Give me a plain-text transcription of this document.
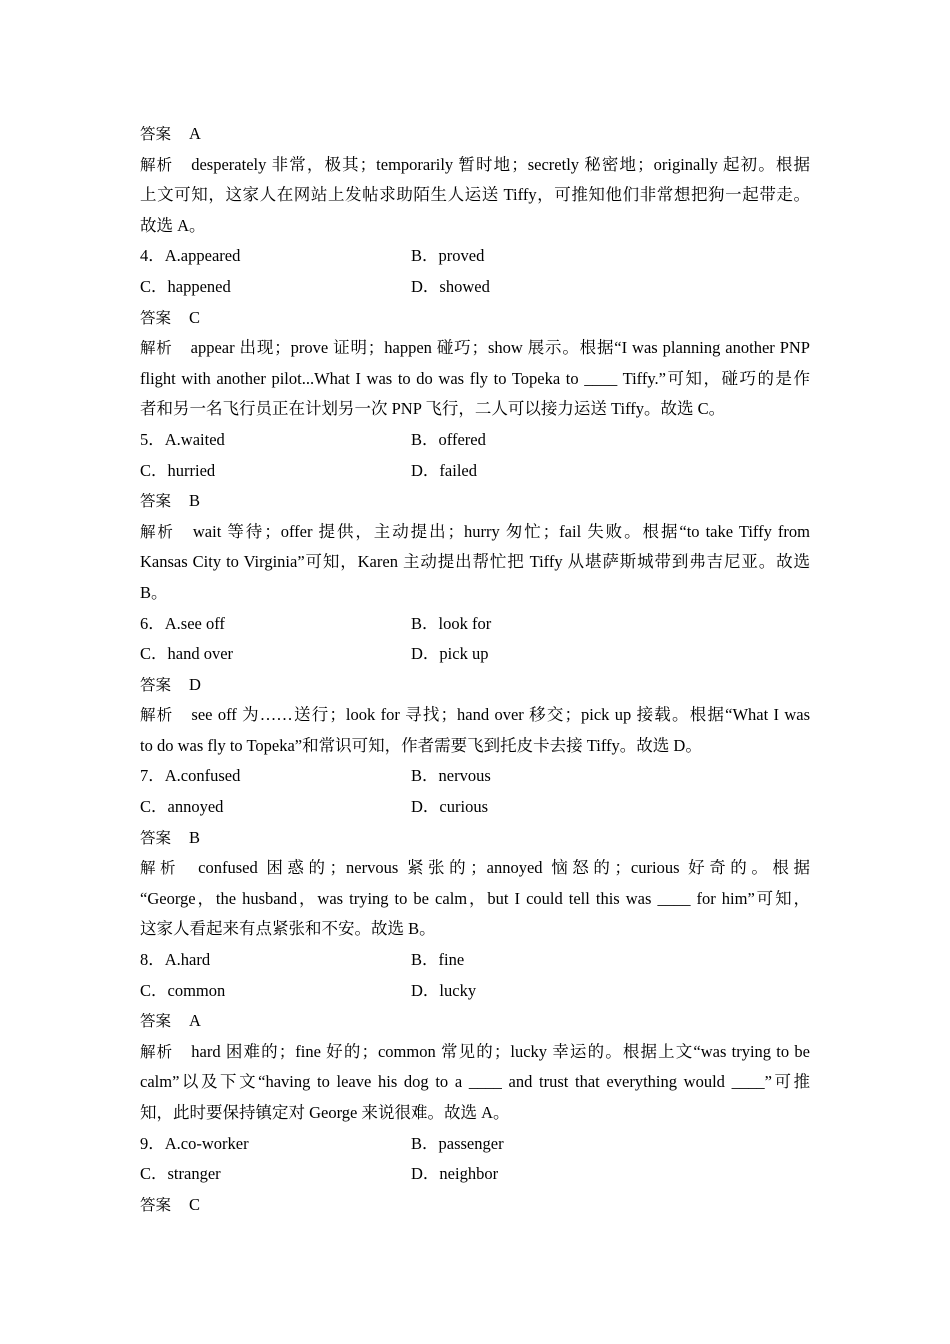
答案 A
解析 desperately 非常，极其；temporarily 暂时地；secretly 秘密地；originally 起初。根据
上文可知，这家人在网站上发帖求助陌生人运送 Tiffy，可推知他们非常想把狗一起带走。
故选 A。
4．A.appeared	B．proved
C．happened	D．showed
答案 C
解析 appear 出现；prove 证明；happen 碰巧；show 展示。根据“I was planning another PNP
flight with another pilot...What I was to do was fly to Topeka to ____ Tiffy.”可知，碰巧的是作
者和另一名飞行员正在计划另一次 PNP 飞行，二人可以接力运送 Tiffy。故选 C。
5．A.waited	B．offered
C．hurried	D．failed
答案 B
解析 wait 等待；offer 提供，主动提出；hurry 匆忙；fail 失败。根据“to take Tiffy from
Kansas City to Virginia”可知，Karen 主动提出帮忙把 Tiffy 从堪萨斯城带到弗吉尼亚。故选
B。
6．A.see off	B．look for
C．hand over	D．pick up
答案 D
解析 see off 为……送行；look for 寻找；hand over 移交；pick up 接载。根据“What I was
to do was fly to Topeka”和常识可知，作者需要飞到托皮卡去接 Tiffy。故选 D。
7．A.confused	B．nervous
C．annoyed	D．curious
答案 B
解析 confused 困惑的；nervous 紧张的；annoyed 恼怒的；curious 好奇的。根据
“George，the husband，was trying to be calm，but I could tell this was ____ for him”可知，
这家人看起来有点紧张和不安。故选 B。
8．A.hard	B．fine
C．common	D．lucky
答案 A
解析 hard 困难的；fine 好的；common 常见的；lucky 幸运的。根据上文“was trying to be
calm”以及下文“having to leave his dog to a ____ and trust that everything would ____”可推
知，此时要保持镇定对 George 来说很难。故选 A。
9．A.co-worker	B．passenger
C．stranger	D．neighbor
答案 C
